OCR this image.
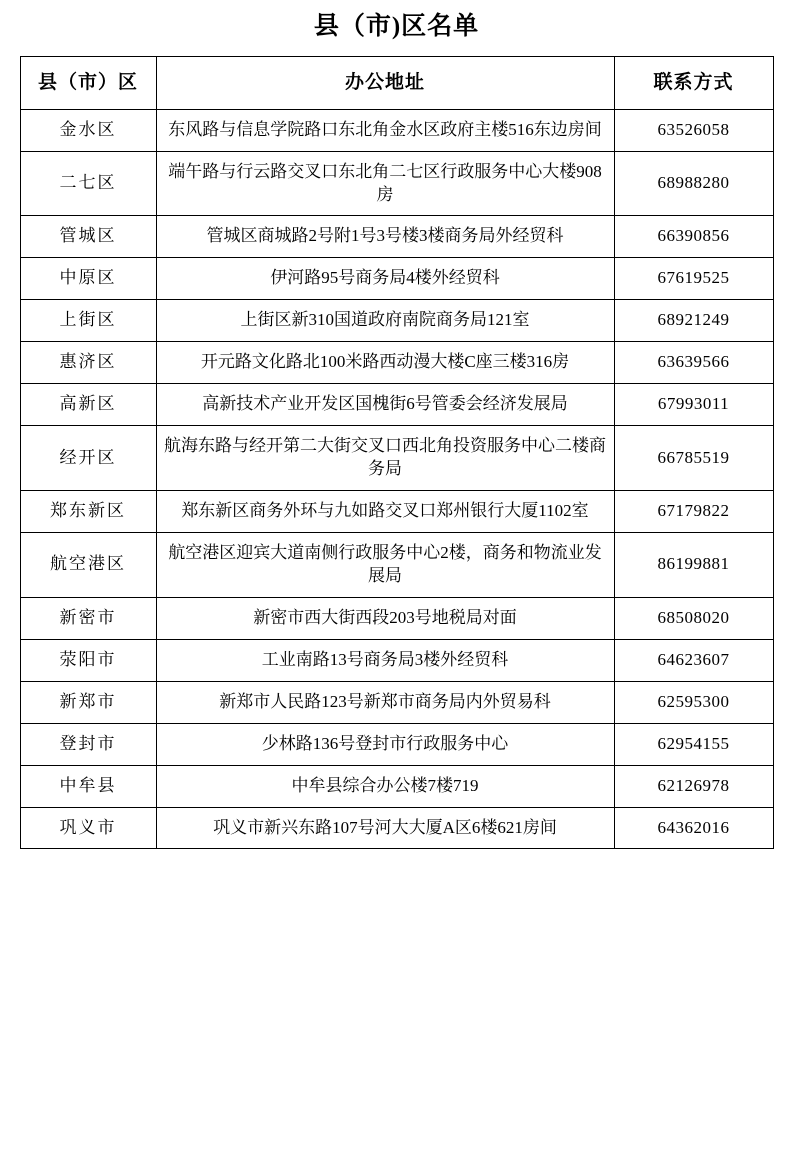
县（市)区名单
县（市）区	办公地址	联系方式
金水区	东风路与信息学院路口东北角金水区政府主楼516东边房间	63526058
二七区	端午路与行云路交叉口东北角二七区行政服务中心大楼908房	68988280
管城区	管城区商城路2号附1号3号楼3楼商务局外经贸科	66390856
中原区	伊河路95号商务局4楼外经贸科	67619525
上街区	上街区新310国道政府南院商务局121室	68921249
惠济区	开元路文化路北100米路西动漫大楼C座三楼316房	63639566
高新区	高新技术产业开发区国槐街6号管委会经济发展局	67993011
经开区	航海东路与经开第二大街交叉口西北角投资服务中心二楼商务局	66785519
郑东新区	郑东新区商务外环与九如路交叉口郑州银行大厦1102室	67179822
航空港区	航空港区迎宾大道南侧行政服务中心2楼，商务和物流业发展局	86199881
新密市	新密市西大街西段203号地税局对面	68508020
荥阳市	工业南路13号商务局3楼外经贸科	64623607
新郑市	新郑市人民路123号新郑市商务局内外贸易科	62595300
登封市	少林路136号登封市行政服务中心	62954155
中牟县	中牟县综合办公楼7楼719	62126978
巩义市	巩义市新兴东路107号河大大厦A区6楼621房间	64362016
